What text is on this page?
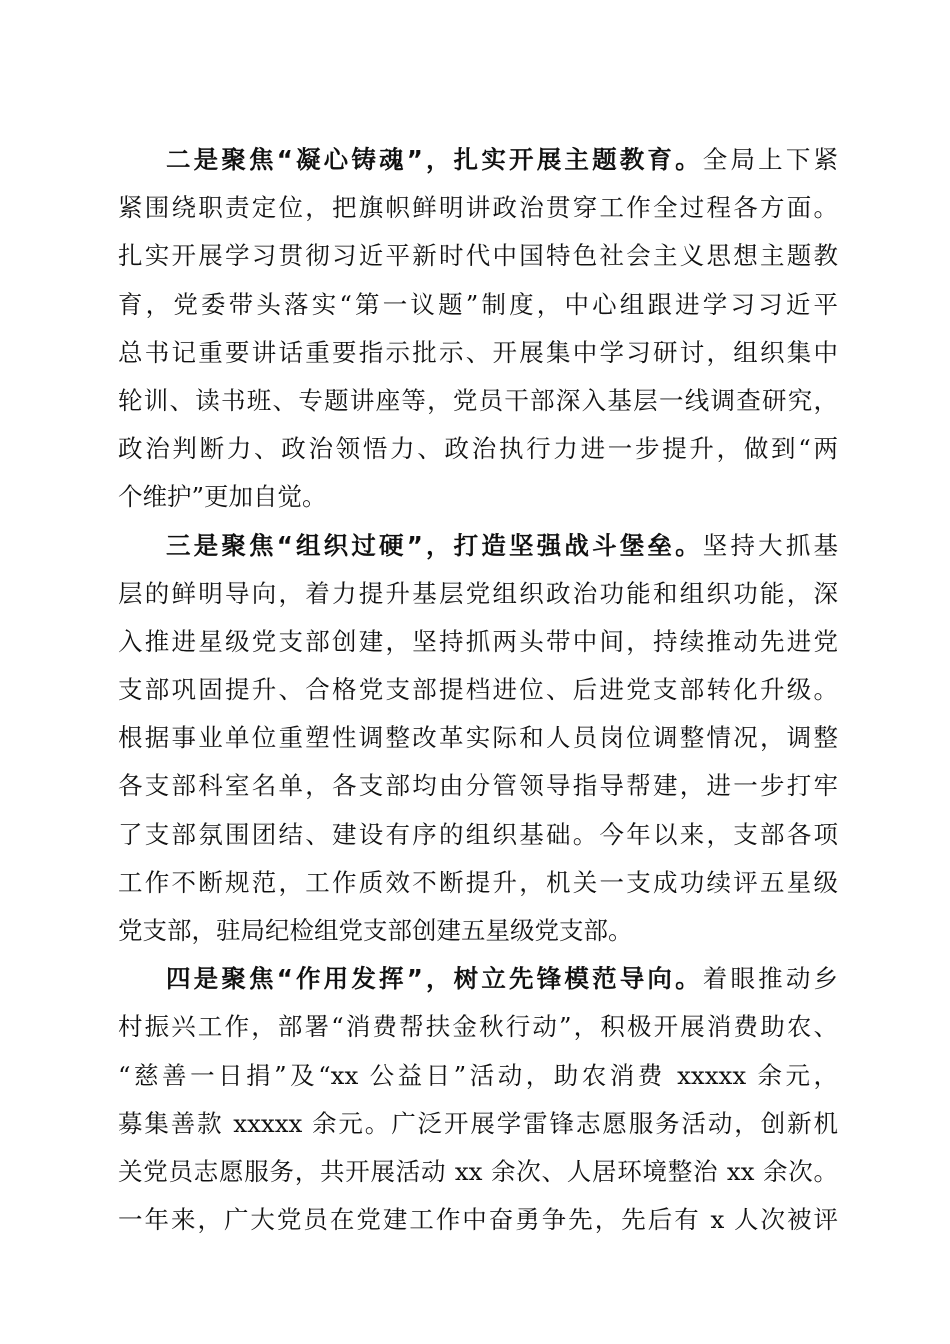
二是聚焦“凝心铸魂”，扎实开展主题教育。全局上下紧
紧围绕职责定位，把旗帜鲜明讲政治贯穿工作全过程各方面。
扎实开展学习贯彻习近平新时代中国特色社会主义思想主题教
育，党委带头落实“第一议题”制度，中心组跟进学习习近平
总书记重要讲话重要指示批示、开展集中学习研讨，组织集中
轮训、读书班、专题讲座等，党员干部深入基层一线调查研究，
政治判断力、政治领悟力、政治执行力进一步提升，做到“两
个维护”更加自觉。
三是聚焦“组织过硬”，打造坚强战斗堡垒。坚持大抓基
层的鲜明导向，着力提升基层党组织政治功能和组织功能，深
入推进星级党支部创建，坚持抓两头带中间，持续推动先进党
支部巩固提升、合格党支部提档进位、后进党支部转化升级。
根据事业单位重塑性调整改革实际和人员岗位调整情况，调整
各支部科室名单，各支部均由分管领导指导帮建，进一步打牢
了支部氛围团结、建设有序的组织基础。今年以来，支部各项
工作不断规范，工作质效不断提升，机关一支成功续评五星级
党支部，驻局纪检组党支部创建五星级党支部。
四是聚焦“作用发挥”，树立先锋模范导向。着眼推动乡
村振兴工作，部署“消费帮扶金秋行动”，积极开展消费助农、
“慈善一日捐”及“xx 公益日”活动，助农消费 xxxxx 余元，
募集善款 xxxxx 余元。广泛开展学雷锋志愿服务活动，创新机
关党员志愿服务，共开展活动 xx 余次、人居环境整治 xx 余次。
一年来，广大党员在党建工作中奋勇争先，先后有 x 人次被评
